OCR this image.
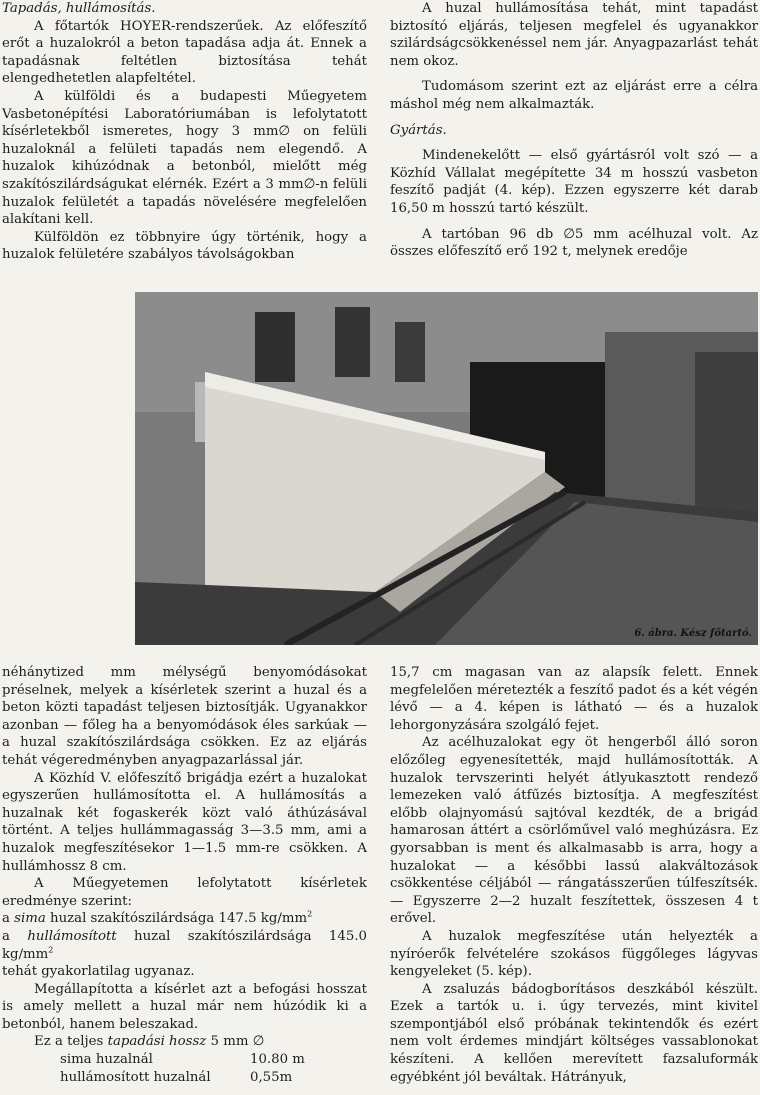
Tapadás, hullámosítás.

A főtartók HOYER-rendszerűek. Az előfeszítő erőt a huzalokról a beton tapadása adja át. Ennek a tapadásnak feltétlen biztosítása tehát elengedhetetlen alapfeltétel.

A külföldi és a budapesti Műegyetem Vasbetonépítési Laboratóriumában is lefolytatott kísérletekből ismeretes, hogy 3 mm∅ on felüli huzaloknál a felületi tapadás nem elegendő. A huzalok kihúzódnak a betonból, mielőtt még szakítószilárdságukat elérnék. Ezért a 3 mm∅-n felüli huzalok felületét a tapadás növelésére megfelelően alakítani kell.

Külföldön ez többnyire úgy történik, hogy a huzalok felületére szabályos távolságokban

A huzal hullámosítása tehát, mint tapadást biztosító eljárás, teljesen megfelel és ugyanakkor szilárdságcsökkenéssel nem jár. Anyagpazarlást tehát nem okoz.

Tudomásom szerint ezt az eljárást erre a célra máshol még nem alkalmazták.

Gyártás.

Mindenekelőtt — első gyártásról volt szó — a Közhíd Vállalat megépítette 34 m hosszú vasbeton feszítő padját (4. kép). Ezzen egyszerre két darab 16,50 m hosszú tartó készült.

A tartóban 96 db ∅5 mm acélhuzal volt. Az összes előfeszítő erő 192 t, melynek eredője

6. ábra. Kész főtartó.

néhánytized mm mélységű benyomódásokat préselnek, melyek a kísérletek szerint a huzal és a beton közti tapadást teljesen biztosítják. Ugyanakkor azonban — főleg ha a benyomódások éles sarkúak — a huzal szakítószilárdsága csökken. Ez az eljárás tehát végeredményben anyagpazarlással jár.

A Közhíd V. előfeszítő brigádja ezért a huzalokat egyszerűen hullámosította el. A hullámosítás a huzalnak két fogaskerék közt való áthúzásával történt. A teljes hullámmagasság 3—3.5 mm, ami a huzalok megfeszítésekor 1—1.5 mm-re csökken. A hullámhossz 8 cm.

A Műegyetemen lefolytatott kísérletek eredménye szerint:

a sima huzal szakítószilárdsága 147.5 $kg/mm^2$

a hullámosított huzal szakítószilárdsága 145.0 $kg/mm^2$

tehát gyakorlatilag ugyanaz.

Megállapította a kísérlet azt a befogási hosszat is amely mellett a huzal már nem húzódik ki a betonból, hanem beleszakad.

Ez a teljes tapadási hossz 5 mm ∅

sima huzalnál	10.80 m
hullámosított huzalnál	0,55m

15,7 cm magasan van az alapsík felett. Ennek megfelelően méretezték a feszítő padot és a két végén lévő — a 4. képen is látható — és a huzalok lehorgonyzására szolgáló fejet.

Az acélhuzalokat egy öt hengerből álló soron előzőleg egyenesítették, majd hullámosították. A huzalok tervszerinti helyét átlyukasztott rendező lemezeken való átfűzés biztosítja. A megfeszítést előbb olajnyomású sajtóval kezdték, de a brigád hamarosan áttért a csörlőművel való meghúzásra. Ez gyorsabban is ment és alkalmasabb is arra, hogy a huzalokat — a későbbi lassú alakváltozások csökkentése céljából — rángatásszerűen túlfeszítsék. — Egyszerre 2—2 huzalt feszítettek, összesen 4 t erővel.

A huzalok megfeszítése után helyezték a nyíróerők felvételére szokásos függőleges lágyvas kengyeleket (5. kép).

A zsaluzás bádogborításos deszkából készült. Ezek a tartók u. i. úgy tervezés, mint kivitel szempontjából első próbának tekintendők és ezért nem volt érdemes mindjárt költséges vassablonokat készíteni. A kellően merevített fazsaluformák egyébként jól beváltak. Hátrányuk,
